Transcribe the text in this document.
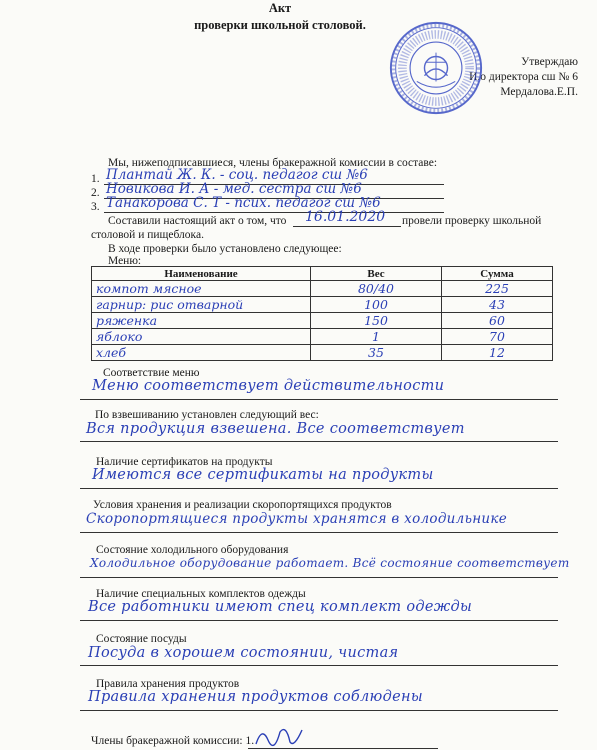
Утверждаю
И.о директора сш № 6
Мердалова.Е.П.
Акт
проверки школьной столовой.
Мы, нижеподписавшиеся, члены бракеражной комиссии в составе:
1. Плантай Ж. К. - соц. педагог сш №6
2. Новикова И. А - мед. сестра сш №6
3. Танакорова С. Т - псих. педагог сш №6
Составили настоящий акт о том, что 16.01.2020 провели проверку школьной
столовой и пищеблока.
В ходе проверки было установлено следующее:
Меню:
Наименование	Вес	Сумма
компот мясное	80/40	225
гарнир: рис отварной	100	43
ряженка	150	60
яблоко	1	70
хлеб	35	12
Соответствие меню
Меню соответствует действительности
По взвешиванию установлен следующий вес:
Вся продукция взвешена. Все соответствует
Наличие сертификатов на продукты
Имеются все сертификаты на продукты
Условия хранения и реализации скоропортящихся продуктов
Скоропортящиеся продукты хранятся в холодильнике
Состояние холодильного оборудования
Холодильное оборудование работает. Всё состояние соответствует
Наличие специальных комплектов одежды
Все работники имеют спец комплект одежды
Состояние посуды
Посуда в хорошем состоянии, чистая
Правила хранения продуктов
Правила хранения продуктов соблюдены
Члены бракеражной комиссии: 1.
